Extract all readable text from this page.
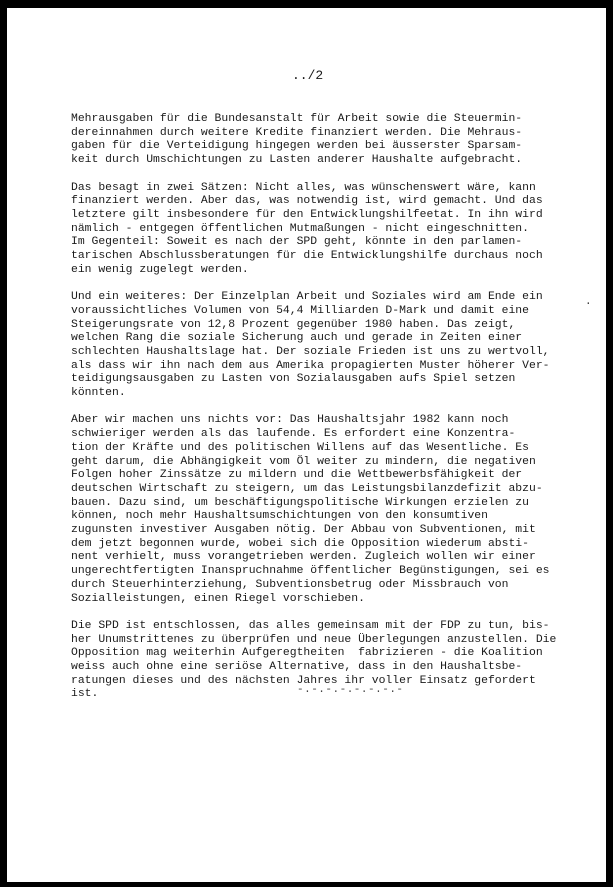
../2

.
Mehrausgaben für die Bundesanstalt für Arbeit sowie die Steuermin-
dereinnahmen durch weitere Kredite finanziert werden. Die Mehraus-
gaben für die Verteidigung hingegen werden bei äusserster Sparsam-
keit durch Umschichtungen zu Lasten anderer Haushalte aufgebracht.
Das besagt in zwei Sätzen: Nicht alles, was wünschenswert wäre, kann
finanziert werden. Aber das, was notwendig ist, wird gemacht. Und das
letztere gilt insbesondere für den Entwicklungshilfeetat. In ihn wird
nämlich - entgegen öffentlichen Mutmaßungen - nicht eingeschnitten.
Im Gegenteil: Soweit es nach der SPD geht, könnte in den parlamen-
tarischen Abschlussberatungen für die Entwicklungshilfe durchaus noch
ein wenig zugelegt werden.
Und ein weiteres: Der Einzelplan Arbeit und Soziales wird am Ende ein
voraussichtliches Volumen von 54,4 Milliarden D-Mark und damit eine
Steigerungsrate von 12,8 Prozent gegenüber 1980 haben. Das zeigt,
welchen Rang die soziale Sicherung auch und gerade in Zeiten einer
schlechten Haushaltslage hat. Der soziale Frieden ist uns zu wertvoll,
als dass wir ihn nach dem aus Amerika propagierten Muster höherer Ver-
teidigungsausgaben zu Lasten von Sozialausgaben aufs Spiel setzen
könnten.
Aber wir machen uns nichts vor: Das Haushaltsjahr 1982 kann noch
schwieriger werden als das laufende. Es erfordert eine Konzentra-
tion der Kräfte und des politischen Willens auf das Wesentliche. Es
geht darum, die Abhängigkeit vom Öl weiter zu mindern, die negativen
Folgen hoher Zinssätze zu mildern und die Wettbewerbsfähigkeit der
deutschen Wirtschaft zu steigern, um das Leistungsbilanzdefizit abzu-
bauen. Dazu sind, um beschäftigungspolitische Wirkungen erzielen zu
können, noch mehr Haushaltsumschichtungen von den konsumtiven
zugunsten investiver Ausgaben nötig. Der Abbau von Subventionen, mit
dem jetzt begonnen wurde, wobei sich die Opposition wiederum absti-
nent verhielt, muss vorangetrieben werden. Zugleich wollen wir einer
ungerechtfertigten Inanspruchnahme öffentlicher Begünstigungen, sei es
durch Steuerhinterziehung, Subventionsbetrug oder Missbrauch von
Sozialleistungen, einen Riegel vorschieben.
Die SPD ist entschlossen, das alles gemeinsam mit der FDP zu tun, bis-
her Unumstrittenes zu überprüfen und neue Überlegungen anzustellen. Die
Opposition mag weiterhin Aufgeregtheiten  fabrizieren - die Koalition
weiss auch ohne eine seriöse Alternative, dass in den Haushaltsbe-
ratungen dieses und des nächsten Jahres ihr voller Einsatz gefordert
ist.	-.-.-.-.-.-.-.-
